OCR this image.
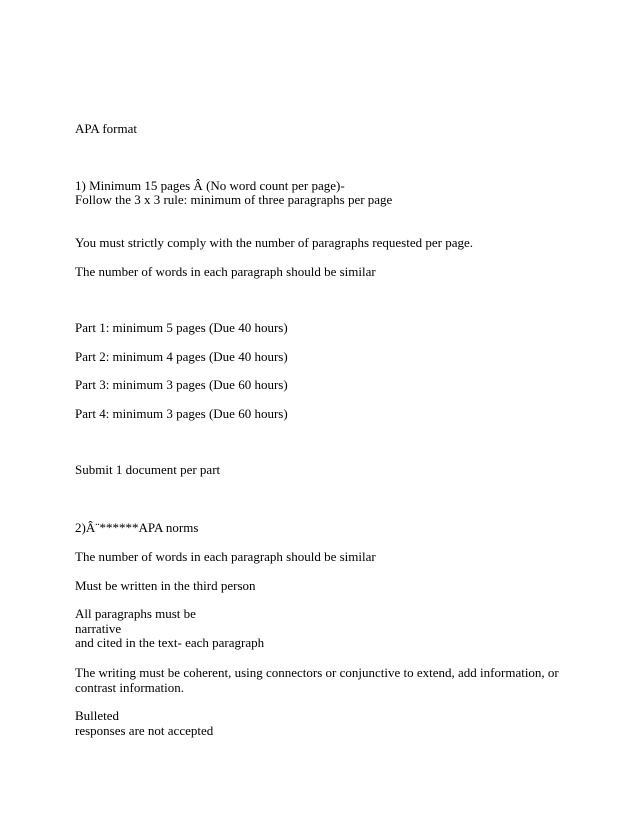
APA format
1) Minimum 15 pages Â (No word count per page)-
Follow the 3 x 3 rule: minimum of three paragraphs per page
You must strictly comply with the number of paragraphs requested per page.
The number of words in each paragraph should be similar
Part 1: minimum 5 pages (Due 40 hours)
Part 2: minimum 4 pages (Due 40 hours)
Part 3: minimum 3 pages (Due 60 hours)
Part 4: minimum 3 pages (Due 60 hours)
Submit 1 document per part
2)Â¨******APA norms
The number of words in each paragraph should be similar
Must be written in the third person
All paragraphs must be
narrative
and cited in the text- each paragraph
The writing must be coherent, using connectors or conjunctive to extend, add information, or
contrast information.
Bulleted
responses are not accepted
